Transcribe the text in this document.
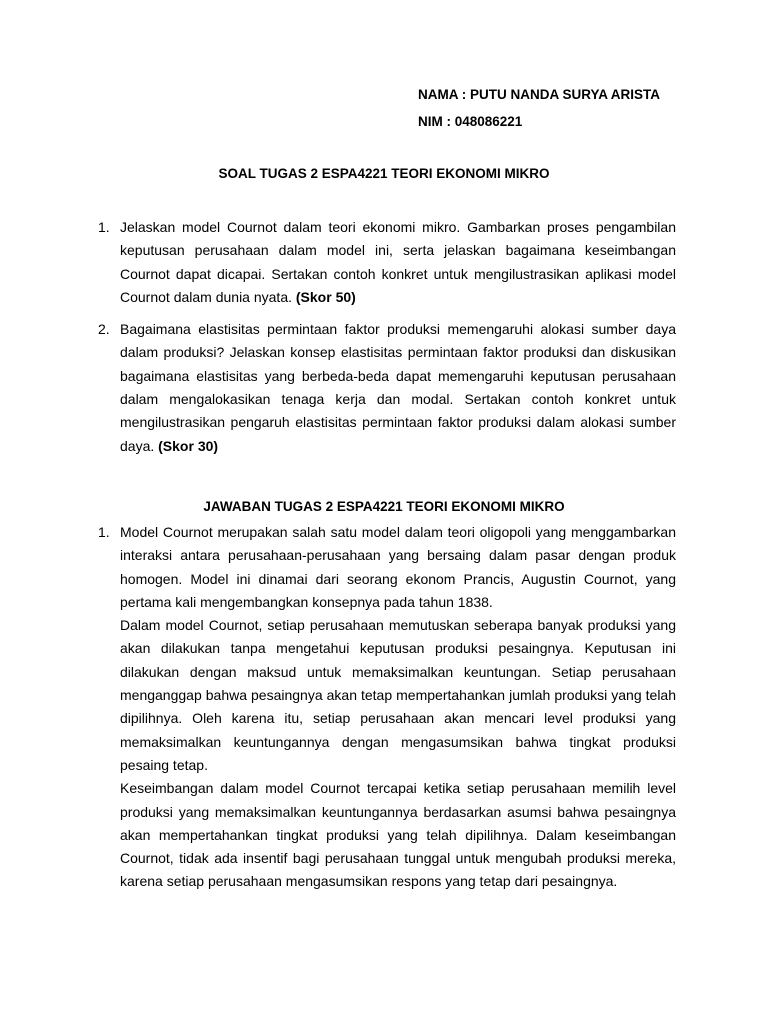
NAMA : PUTU NANDA SURYA ARISTA
NIM : 048086221
SOAL TUGAS 2 ESPA4221 TEORI EKONOMI MIKRO
1. Jelaskan model Cournot dalam teori ekonomi mikro. Gambarkan proses pengambilan keputusan perusahaan dalam model ini, serta jelaskan bagaimana keseimbangan Cournot dapat dicapai. Sertakan contoh konkret untuk mengilustrasikan aplikasi model Cournot dalam dunia nyata. (Skor 50)

2. Bagaimana elastisitas permintaan faktor produksi memengaruhi alokasi sumber daya dalam produksi? Jelaskan konsep elastisitas permintaan faktor produksi dan diskusikan bagaimana elastisitas yang berbeda-beda dapat memengaruhi keputusan perusahaan dalam mengalokasikan tenaga kerja dan modal. Sertakan contoh konkret untuk mengilustrasikan pengaruh elastisitas permintaan faktor produksi dalam alokasi sumber daya. (Skor 30)

JAWABAN TUGAS 2 ESPA4221 TEORI EKONOMI MIKRO
1. Model Cournot merupakan salah satu model dalam teori oligopoli yang menggambarkan interaksi antara perusahaan-perusahaan yang bersaing dalam pasar dengan produk homogen. Model ini dinamai dari seorang ekonom Prancis, Augustin Cournot, yang pertama kali mengembangkan konsepnya pada tahun 1838.

Dalam model Cournot, setiap perusahaan memutuskan seberapa banyak produksi yang akan dilakukan tanpa mengetahui keputusan produksi pesaingnya. Keputusan ini dilakukan dengan maksud untuk memaksimalkan keuntungan. Setiap perusahaan menganggap bahwa pesaingnya akan tetap mempertahankan jumlah produksi yang telah dipilihnya. Oleh karena itu, setiap perusahaan akan mencari level produksi yang memaksimalkan keuntungannya dengan mengasumsikan bahwa tingkat produksi pesaing tetap.

Keseimbangan dalam model Cournot tercapai ketika setiap perusahaan memilih level produksi yang memaksimalkan keuntungannya berdasarkan asumsi bahwa pesaingnya akan mempertahankan tingkat produksi yang telah dipilihnya. Dalam keseimbangan Cournot, tidak ada insentif bagi perusahaan tunggal untuk mengubah produksi mereka, karena setiap perusahaan mengasumsikan respons yang tetap dari pesaingnya.
